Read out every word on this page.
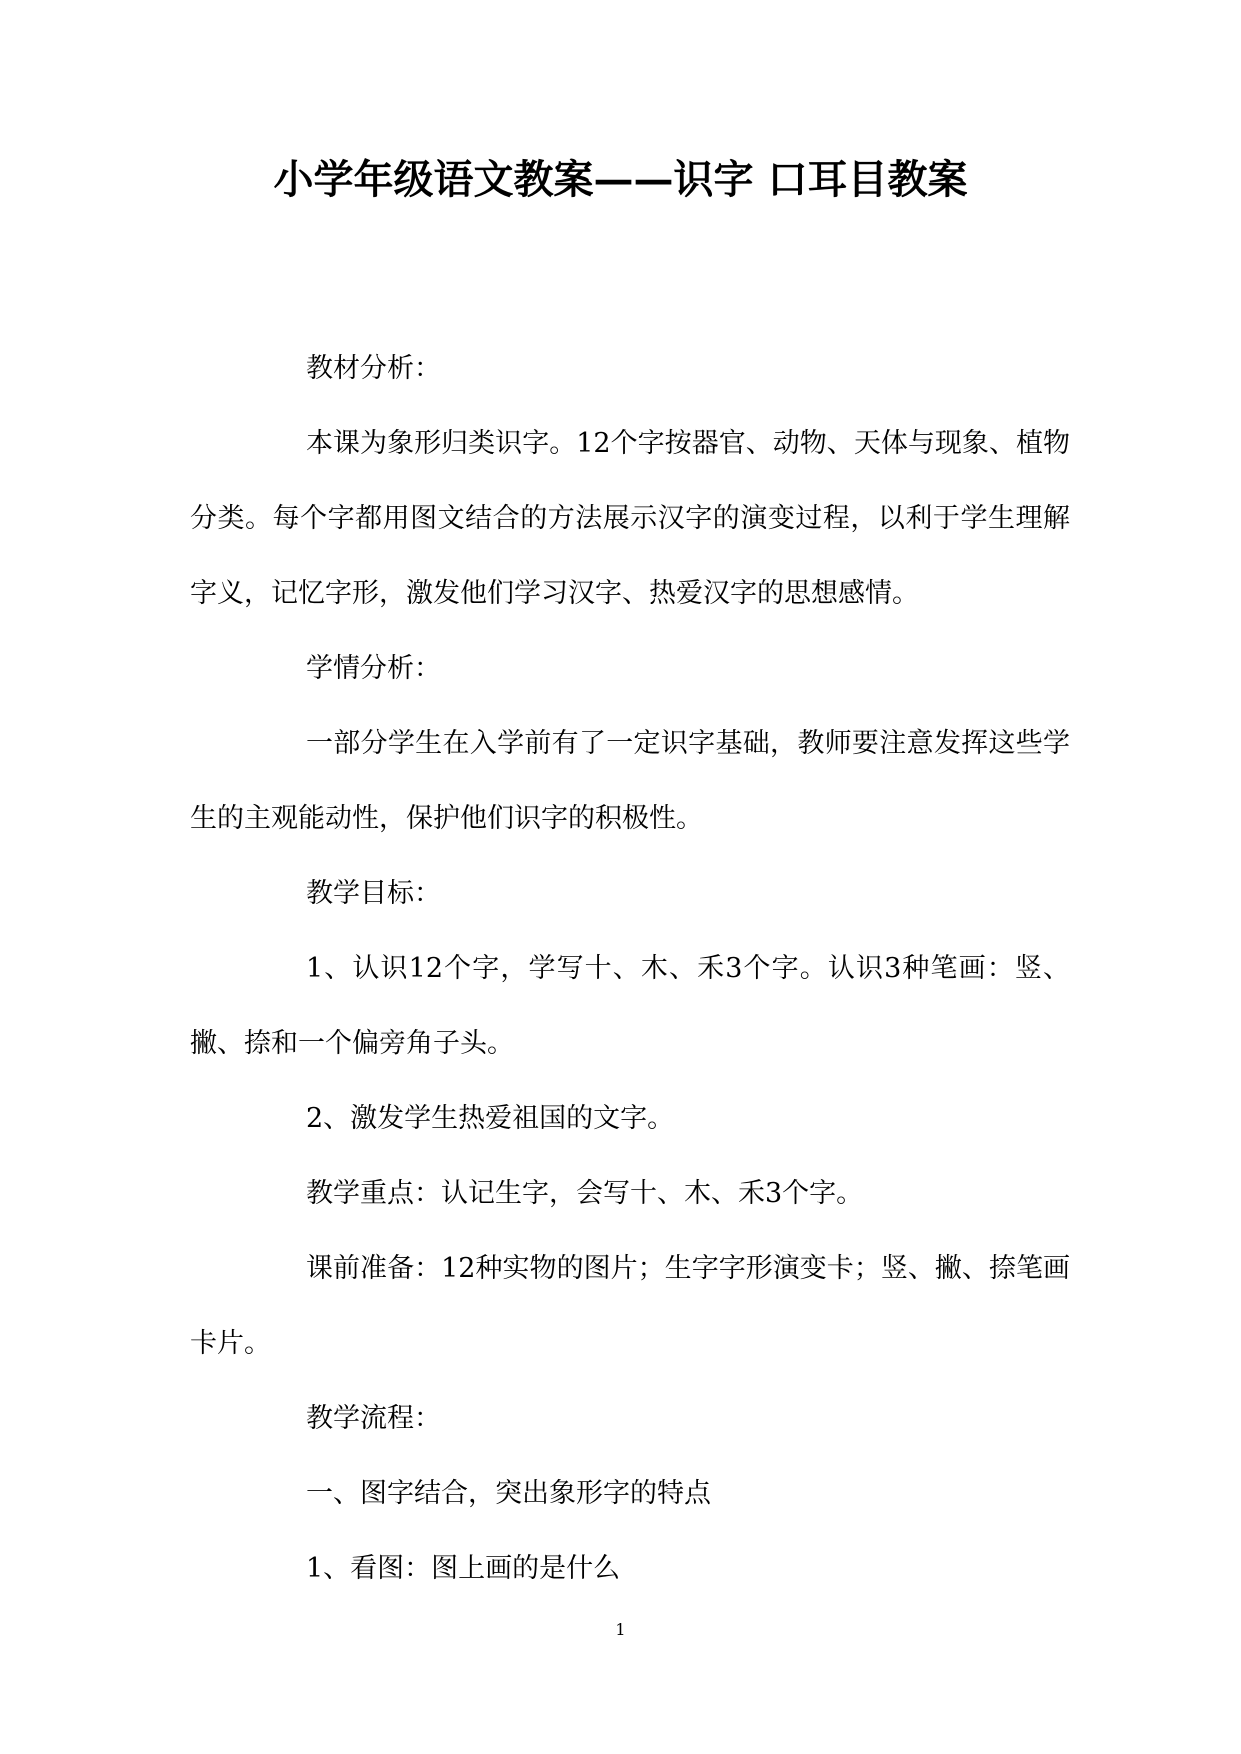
小学年级语文教案——识字 口耳目教案

教材分析：

本课为象形归类识字。12个字按器官、动物、天体与现象、植物分类。每个字都用图文结合的方法展示汉字的演变过程，以利于学生理解字义，记忆字形，激发他们学习汉字、热爱汉字的思想感情。

学情分析：

一部分学生在入学前有了一定识字基础，教师要注意发挥这些学生的主观能动性，保护他们识字的积极性。

教学目标：

1、认识12个字，学写十、木、禾3个字。认识3种笔画：竖、撇、捺和一个偏旁角子头。

2、激发学生热爱祖国的文字。

教学重点：认记生字，会写十、木、禾3个字。

课前准备：12种实物的图片；生字字形演变卡；竖、撇、捺笔画卡片。

教学流程：

一、图字结合，突出象形字的特点

1、看图：图上画的是什么

1
